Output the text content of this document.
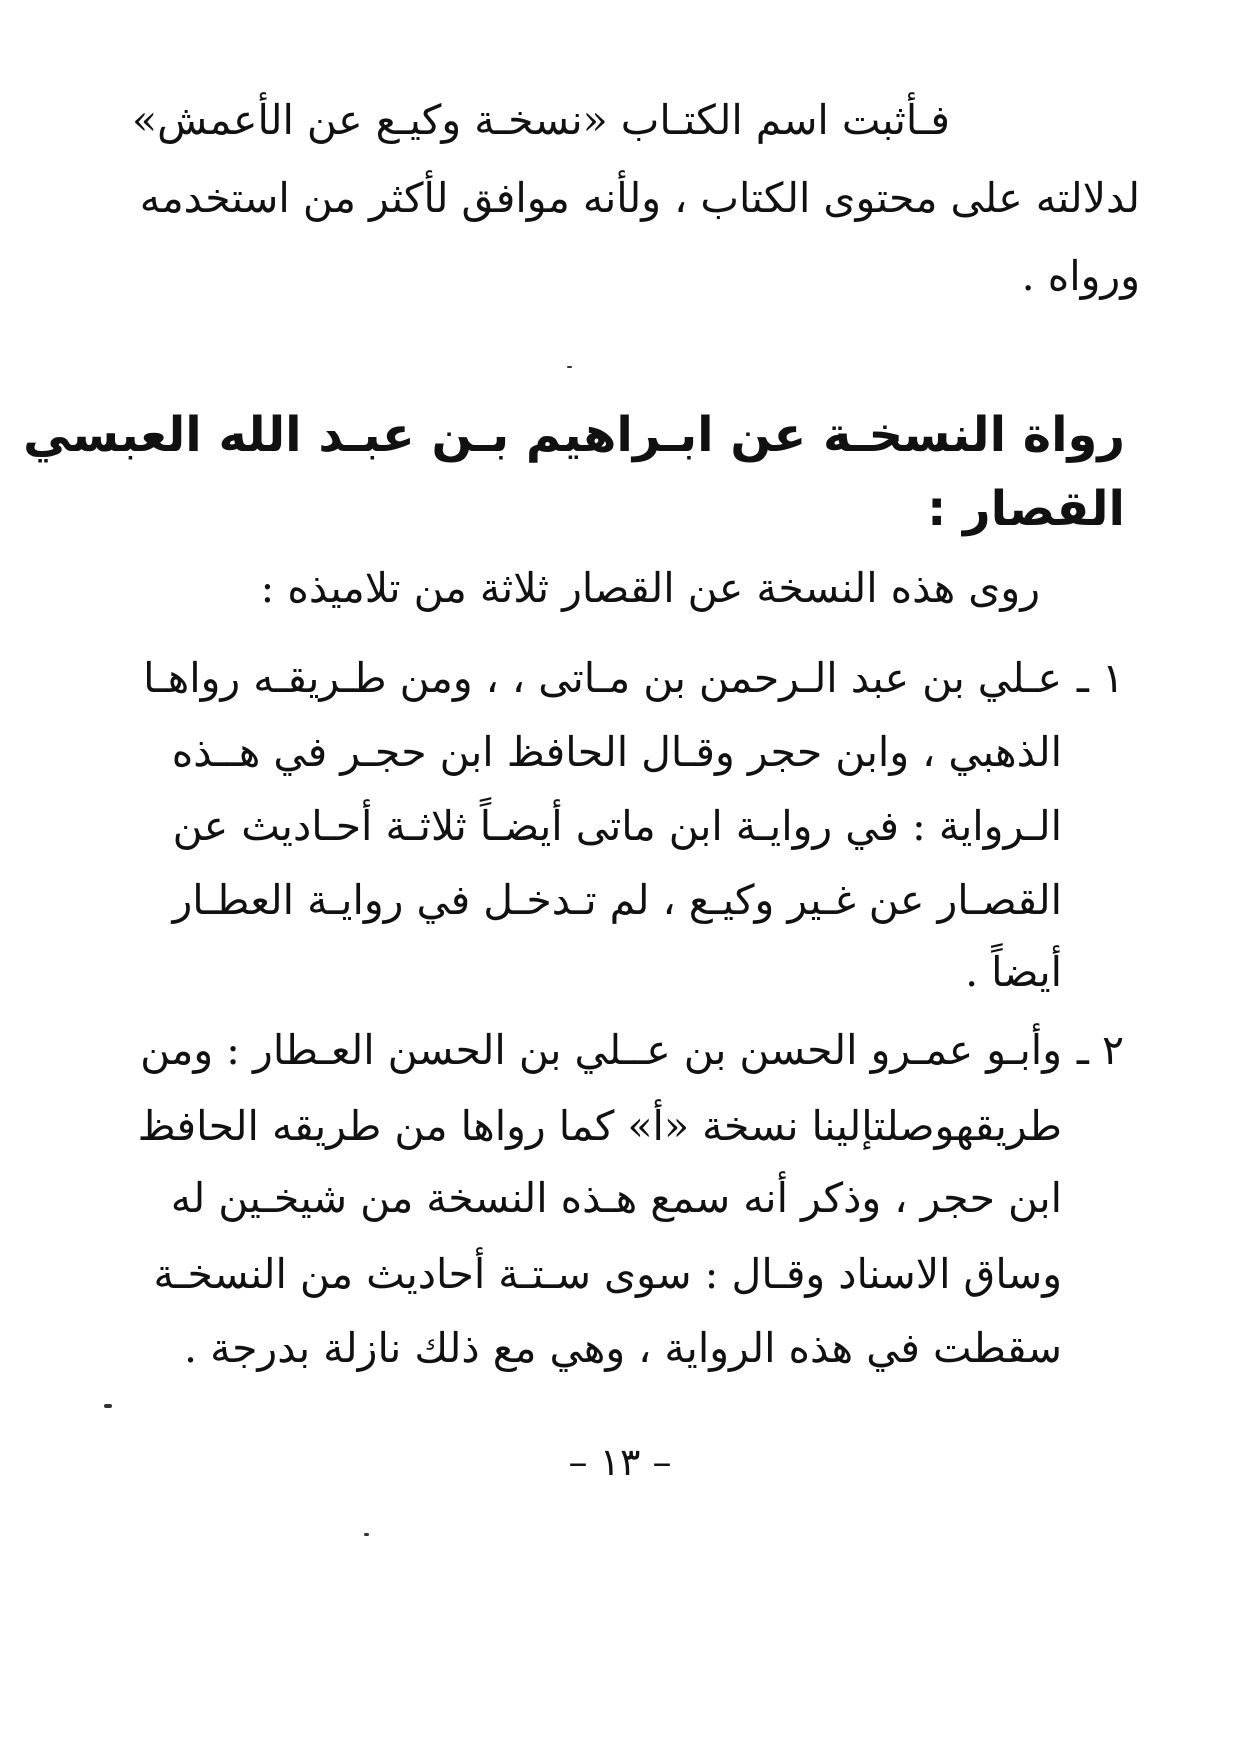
فـأثبت اسم الكتـاب «نسخـة وكيـع عن الأعمش»
لدلالته على محتوى الكتاب ، ولأنه موافق لأكثر من استخدمه
ورواه .
رواة النسخـة عن ابـراهيم بـن عبـد الله العبسي
القصار :
روى هذه النسخة عن القصار ثلاثة من تلاميذه :
١ ـ
عـلي بن عبد الـرحمن بن مـاتى ، ، ومن طـريقـه رواهـا
الذهبي ، وابن حجر وقـال الحافظ ابن حجـر في هــذه
الـرواية : في روايـة ابن ماتى أيضـاً ثلاثـة أحـاديث عن
القصـار عن غـير وكيـع ، لم تـدخـل في روايـة العطـار
أيضاً .
٢ ـ
وأبـو عمـرو الحسن بن عــلي بن الحسن العـطار : ومن
طريقهوصلتإلينا نسخة «أ» كما رواها من طريقه الحافظ
ابن حجر ، وذكر أنه سمع هـذه النسخة من شيخـين له
وساق الاسناد وقـال : سوى سـتـة أحاديث من النسخـة
سقطت في هذه الرواية ، وهي مع ذلك نازلة بدرجة .
– ١٣ –
